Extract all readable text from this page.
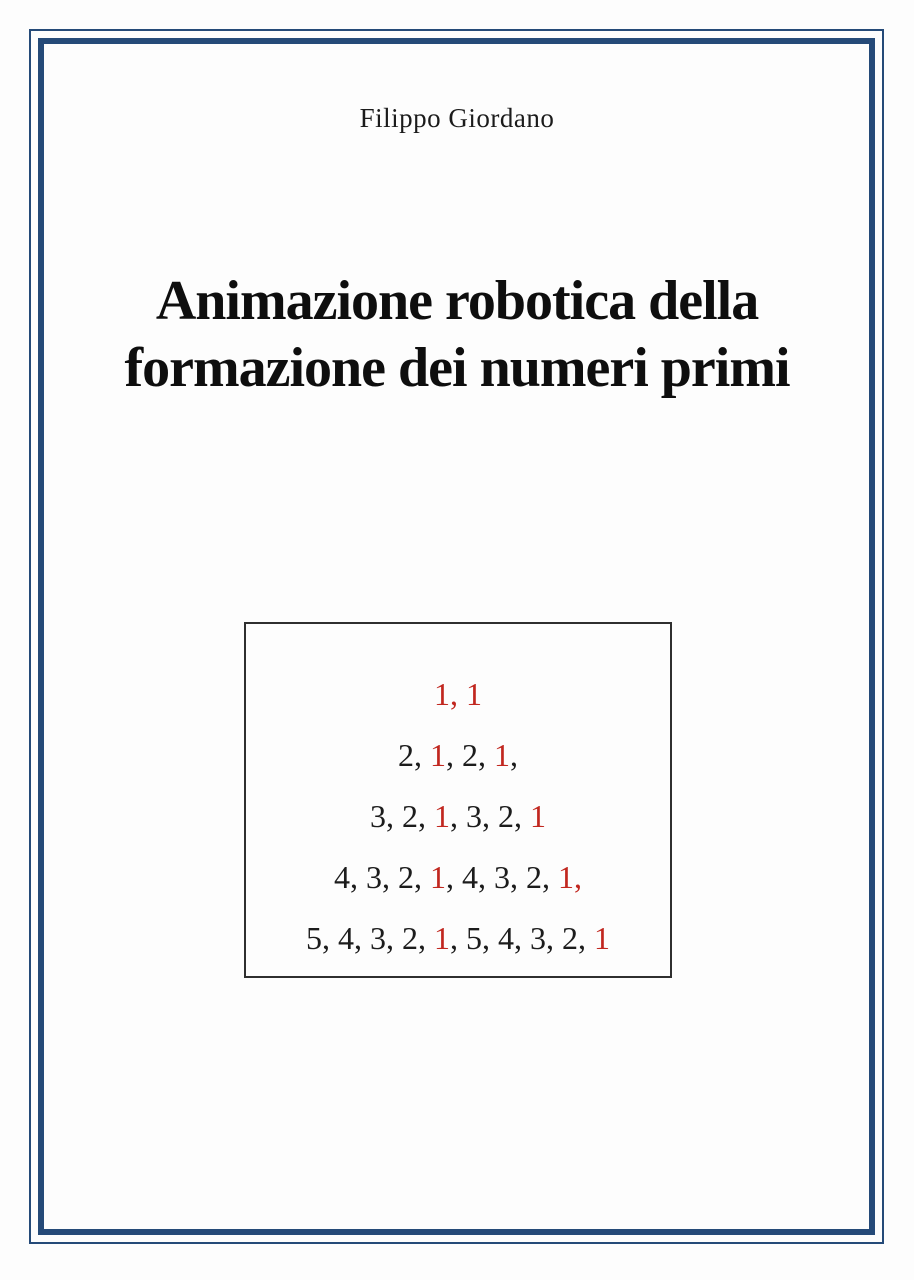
Filippo Giordano
Animazione robotica della
formazione dei numeri primi
1, 1
2, 1, 2, 1,
3, 2, 1, 3, 2, 1
4, 3, 2, 1, 4, 3, 2, 1,
5, 4, 3, 2, 1, 5, 4, 3, 2, 1
